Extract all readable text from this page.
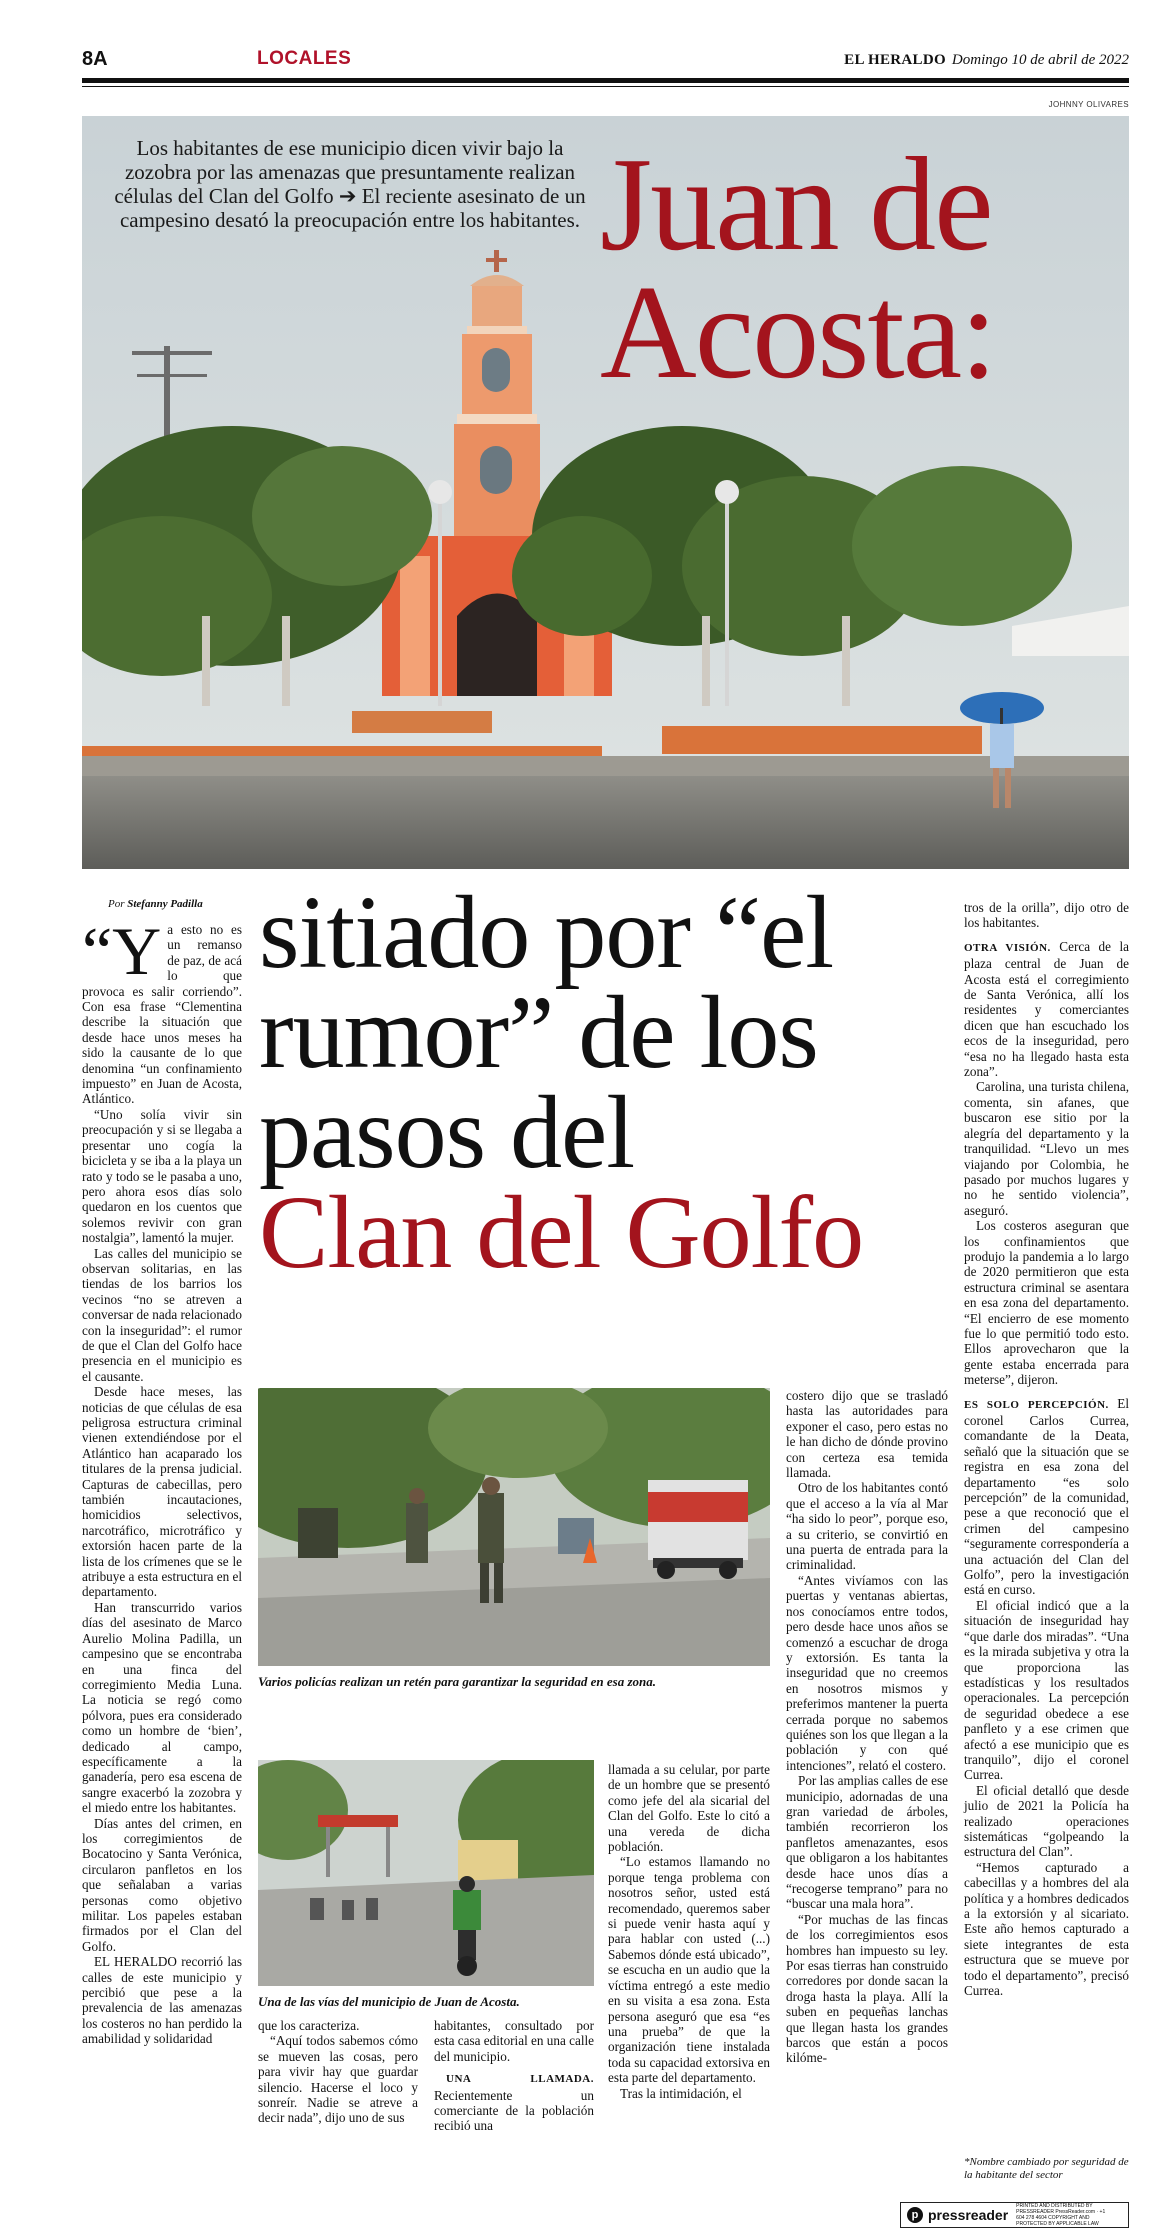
8A	LOCALES	EL HERALDO Domingo 10 de abril de 2022
JOHNNY OLIVARES
Los habitantes de ese municipio dicen vivir bajo la zozobra por las amenazas que presuntamente realizan células del Clan del Golfo ➔ El reciente asesinato de un campesino desató la preocupación entre los habitantes. Juan de
Acosta:
Por Stefanny Padilla sitiado por “el
rumor” de los
pasos del
Clan del Golfo

“Ya esto no es un remanso de paz, de acá lo que provoca es salir corriendo”. Con esa frase “Clementina describe la situación que desde hace unos meses ha sido la causante de lo que denomina “un confinamiento impuesto” en Juan de Acosta, Atlántico.

“Uno solía vivir sin preocupación y si se llegaba a presentar uno cogía la bicicleta y se iba a la playa un rato y todo se le pasaba a uno, pero ahora esos días solo quedaron en los cuentos que solemos revivir con gran nostalgia”, lamentó la mujer.

Las calles del municipio se observan solitarias, en las tiendas de los barrios los vecinos “no se atreven a conversar de nada relacionado con la inseguridad”: el rumor de que el Clan del Golfo hace presencia en el municipio es el causante.

Desde hace meses, las noticias de que células de esa peligrosa estructura criminal vienen extendiéndose por el Atlántico han acaparado los titulares de la prensa judicial. Capturas de cabecillas, pero también incautaciones, homicidios selectivos, narcotráfico, microtráfico y extorsión hacen parte de la lista de los crímenes que se le atribuye a esta estructura en el departamento.

Han transcurrido varios días del asesinato de Marco Aurelio Molina Padilla, un campesino que se encontraba en una finca del corregimiento Media Luna. La noticia se regó como pólvora, pues era considerado como un hombre de ‘bien’, dedicado al campo, específicamente a la ganadería, pero esa escena de sangre exacerbó la zozobra y el miedo entre los habitantes.

Días antes del crimen, en los corregimientos de Bocatocino y Santa Verónica, circularon panfletos en los que señalaban a varias personas como objetivo militar. Los papeles estaban firmados por el Clan del Golfo.

EL HERALDO recorrió las calles de este municipio y percibió que pese a la prevalencia de las amenazas los costeros no han perdido la amabilidad y solidaridad

Varios policías realizan un retén para garantizar la seguridad en esa zona.
Una de las vías del municipio de Juan de Acosta.

que los caracteriza.

“Aquí todos sabemos cómo se mueven las cosas, pero para vivir hay que guardar silencio. Hacerse el loco y sonreír. Nadie se atreve a decir nada”, dijo uno de sus

habitantes, consultado por esta casa editorial en una calle del municipio.

UNA LLAMADA. Recientemente un comerciante de la población recibió una

llamada a su celular, por parte de un hombre que se presentó como jefe del ala sicarial del Clan del Golfo. Este lo citó a una vereda de dicha población.

“Lo estamos llamando no porque tenga problema con nosotros señor, usted está recomendado, queremos saber si puede venir hasta aquí y para hablar con usted (...) Sabemos dónde está ubicado”, se escucha en un audio que la víctima entregó a este medio en su visita a esa zona. Esta persona aseguró que esa “es una prueba” de que la organización tiene instalada toda su capacidad extorsiva en esta parte del departamento.

Tras la intimidación, el

costero dijo que se trasladó hasta las autoridades para exponer el caso, pero estas no le han dicho de dónde provino con certeza esa temida llamada.

Otro de los habitantes contó que el acceso a la vía al Mar “ha sido lo peor”, porque eso, a su criterio, se convirtió en una puerta de entrada para la criminalidad.

“Antes vivíamos con las puertas y ventanas abiertas, nos conocíamos entre todos, pero desde hace unos años se comenzó a escuchar de droga y extorsión. Es tanta la inseguridad que no creemos en nosotros mismos y preferimos mantener la puerta cerrada porque no sabemos quiénes son los que llegan a la población y con qué intenciones”, relató el costero.

Por las amplias calles de ese municipio, adornadas de una gran variedad de árboles, también recorrieron los panfletos amenazantes, esos que obligaron a los habitantes desde hace unos días a “recogerse temprano” para no “buscar una mala hora”.

“Por muchas de las fincas de los corregimientos esos hombres han impuesto su ley. Por esas tierras han construido corredores por donde sacan la droga hasta la playa. Allí la suben en pequeñas lanchas que llegan hasta los grandes barcos que están a pocos kilóme-

tros de la orilla”, dijo otro de los habitantes.

OTRA VISIÓN. Cerca de la plaza central de Juan de Acosta está el corregimiento de Santa Verónica, allí los residentes y comerciantes dicen que han escuchado los ecos de la inseguridad, pero “esa no ha llegado hasta esta zona”.

Carolina, una turista chilena, comenta, sin afanes, que buscaron ese sitio por la alegría del departamento y la tranquilidad. “Llevo un mes viajando por Colombia, he pasado por muchos lugares y no he sentido violencia”, aseguró.

Los costeros aseguran que los confinamientos que produjo la pandemia a lo largo de 2020 permitieron que esta estructura criminal se asentara en esa zona del departamento. “El encierro de ese momento fue lo que permitió todo esto. Ellos aprovecharon que la gente estaba encerrada para meterse”, dijeron.

ES SOLO PERCEPCIÓN. El coronel Carlos Currea, comandante de la Deata, señaló que la situación que se registra en esa zona del departamento “es solo percepción” de la comunidad, pese a que reconoció que el crimen del campesino “seguramente correspondería a una actuación del Clan del Golfo”, pero la investigación está en curso.

El oficial indicó que a la situación de inseguridad hay “que darle dos miradas”. “Una es la mirada subjetiva y otra la que proporciona las estadísticas y los resultados operacionales. La percepción de seguridad obedece a ese panfleto y a ese crimen que afectó a ese municipio que es tranquilo”, dijo el coronel Currea.

El oficial detalló que desde julio de 2021 la Policía ha realizado operaciones sistemáticas “golpeando la estructura del Clan”.

“Hemos capturado a cabecillas y a hombres del ala política y a hombres dedicados a la extorsión y al sicariato. Este año hemos capturado a siete integrantes de esta estructura que se mueve por todo el departamento”, precisó Currea.

*Nombre cambiado por seguridad de la habitante del sector
p pressreader
PRINTED AND DISTRIBUTED BY PRESSREADER PressReader.com · +1 604 278 4604 COPYRIGHT AND PROTECTED BY APPLICABLE LAW
